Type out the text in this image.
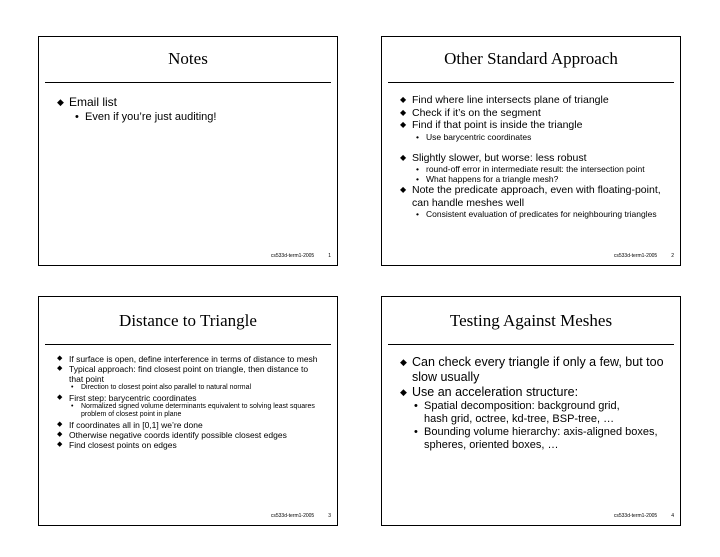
Notes
◆ Email list
• Even if you’re just auditing!
cs533d-term1-2005	1
Other Standard Approach
◆ Find where line intersects plane of triangle
◆ Check if it’s on the segment
◆ Find if that point is inside the triangle
• Use barycentric coordinates
◆ Slightly slower, but worse: less robust
• round-off error in intermediate result: the intersection point
• What happens for a triangle mesh?
◆ Note the predicate approach, even with floating-point, can handle meshes well
• Consistent evaluation of predicates for neighbouring triangles
cs533d-term1-2005	2
Distance to Triangle
◆ If surface is open, define interference in terms of distance to mesh
◆ Typical approach: find closest point on triangle, then distance to that point
• Direction to closest point also parallel to natural normal
◆ First step: barycentric coordinates
• Normalized signed volume determinants equivalent to solving least squares problem of closest point in plane
◆ If coordinates all in [0,1] we’re done
◆ Otherwise negative coords identify possible closest edges
◆ Find closest points on edges
cs533d-term1-2005	3
Testing Against Meshes
◆ Can check every triangle if only a few, but too slow usually
◆ Use an acceleration structure:
• Spatial decomposition: background grid, hash grid, octree, kd-tree, BSP-tree, …
• Bounding volume hierarchy: axis-aligned boxes, spheres, oriented boxes, …
cs533d-term1-2005	4
